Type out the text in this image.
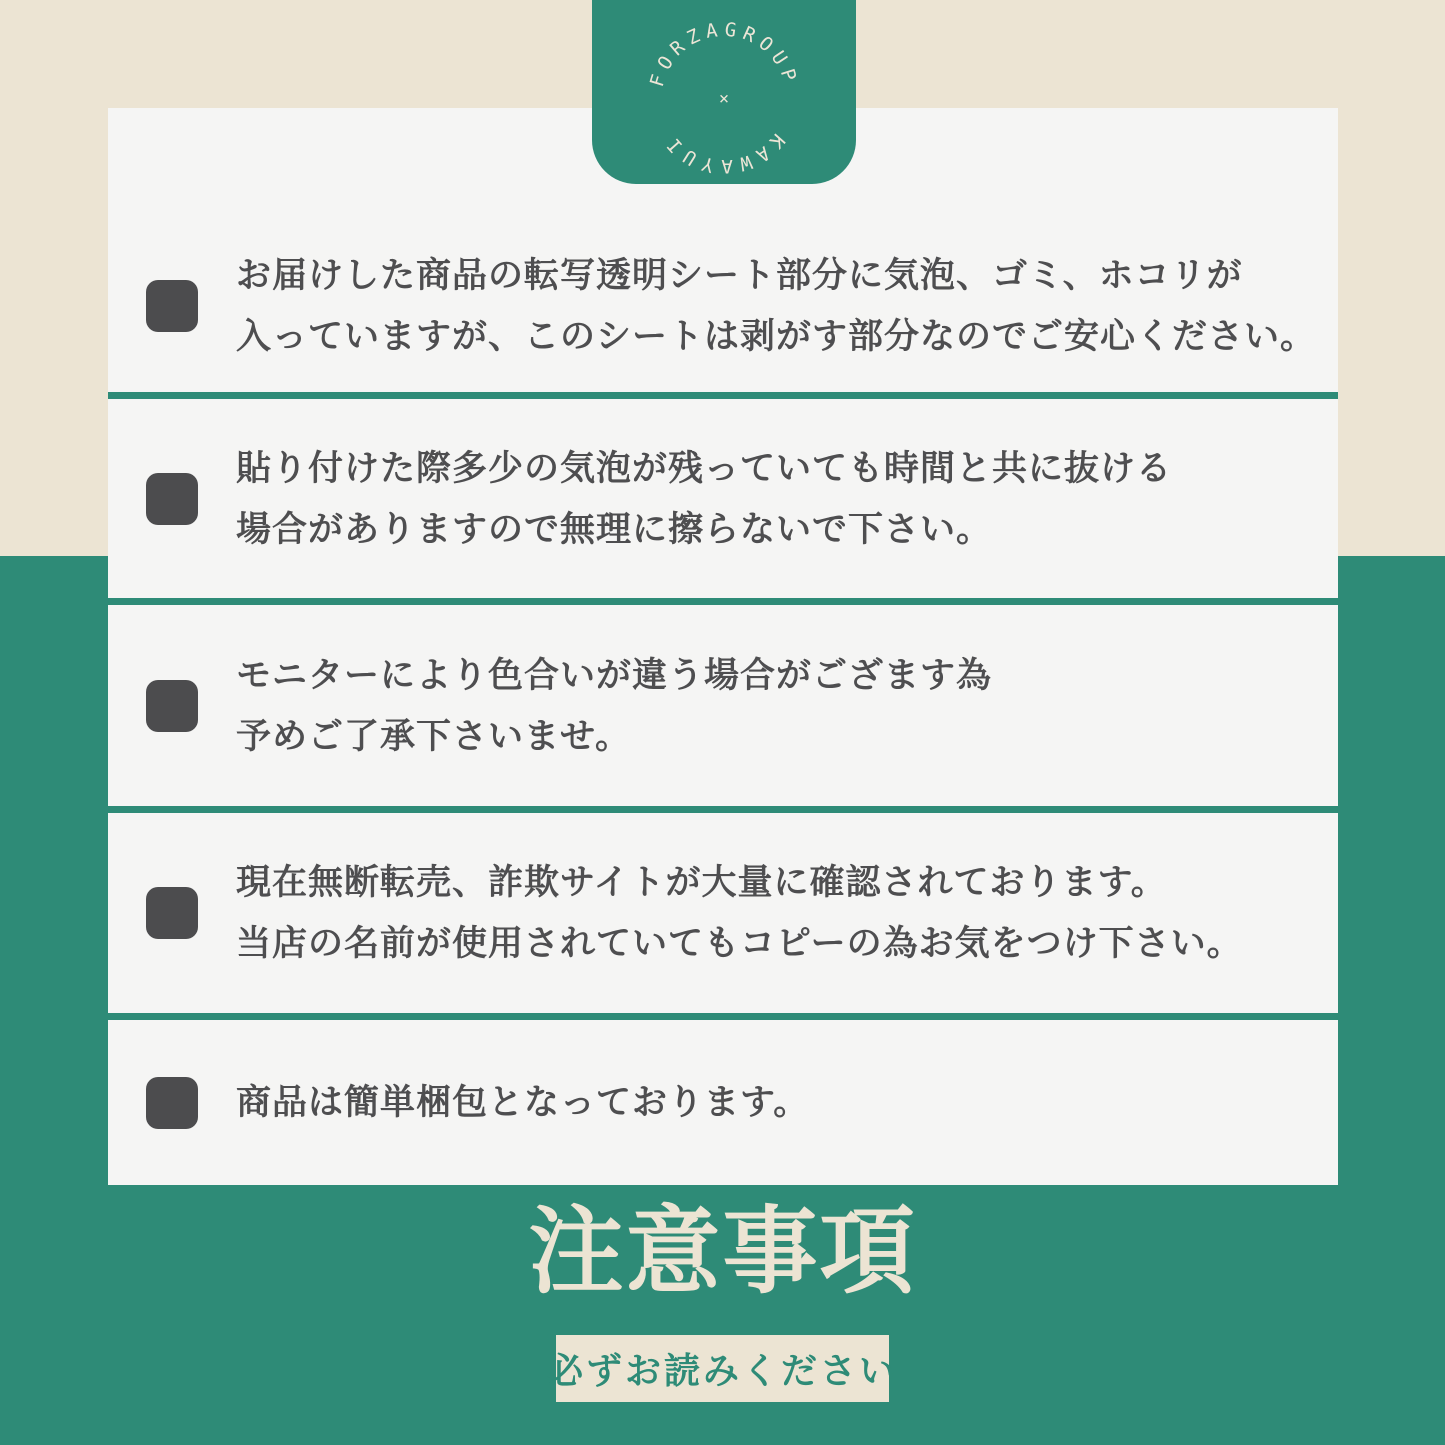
お届けした商品の転写透明シート部分に気泡、ゴミ、ホコリが
入っていますが、このシートは剥がす部分なのでご安心ください。
貼り付けた際多少の気泡が残っていても時間と共に抜ける
場合がありますので無理に擦らないで下さい。
モニターにより色合いが違う場合がござます為
予めご了承下さいませ。
現在無断転売、詐欺サイトが大量に確認されております。
当店の名前が使用されていてもコピーの為お気をつけ下さい。
商品は簡単梱包となっております。
FORZAGROUP
KAWAYUI
×
注意事項
必ずお読みください
